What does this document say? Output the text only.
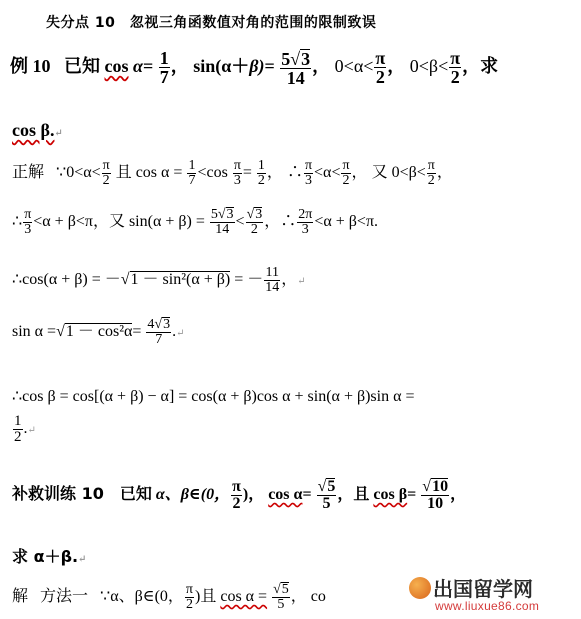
失分点 10　忽视三角函数值对角的范围的限制致误
例 10 已知 $\cos \alpha= \frac{1}{7}$ ， $\sin(\alpha+\beta)= \frac{5√3}{14}$ ， $0<\alpha< \frac{\pi}{2}$ ， $0<\beta< \frac{\pi}{2}$ ，求
cos β.↵
正解 ∵0<α< $\frac{\pi}{2}$ 且 $\cos \alpha = \frac{1}{7} <\cos \frac{\pi}{3} = \frac{1}{2}$ ， ∴ $\frac{\pi}{3} <\alpha< \frac{\pi}{2}$ ， 又 $0<\beta< \frac{\pi}{2}$ ，
∴ $\frac{\pi}{3} <\alpha + \beta<\pi$，又 $\sin(\alpha + \beta) = \frac{5√3}{14} < \frac{√3}{2}$ ，∴ $\frac{2\pi}{3} <\alpha + \beta<\pi$.
∴cos(α + β) = －√1 － sin²(α + β) = － $\frac{11}{14}$ ，↵
$\sin \alpha =√1 - \cos^2\alpha= \frac{4√3}{7}$ .↵
∴cos β = cos[(α + β) − α] = cos(α + β)cos α + sin(α + β)sin α =
$\frac{1}{2}$ .↵
补救训练 10 已知 α、β∈(0， $\frac{\pi}{2}$ )， $\cos \alpha= \frac{√5}{5}$ ，且 $\cos \beta= \frac{√10}{10}$ ，
求 α＋β.↵
解 方法一 ∵α、β∈(0， $\frac{\pi}{2}$ )且 $\cos \alpha = \frac{√5}{5}$ ， co	出国留学网
www.liuxue86.com
